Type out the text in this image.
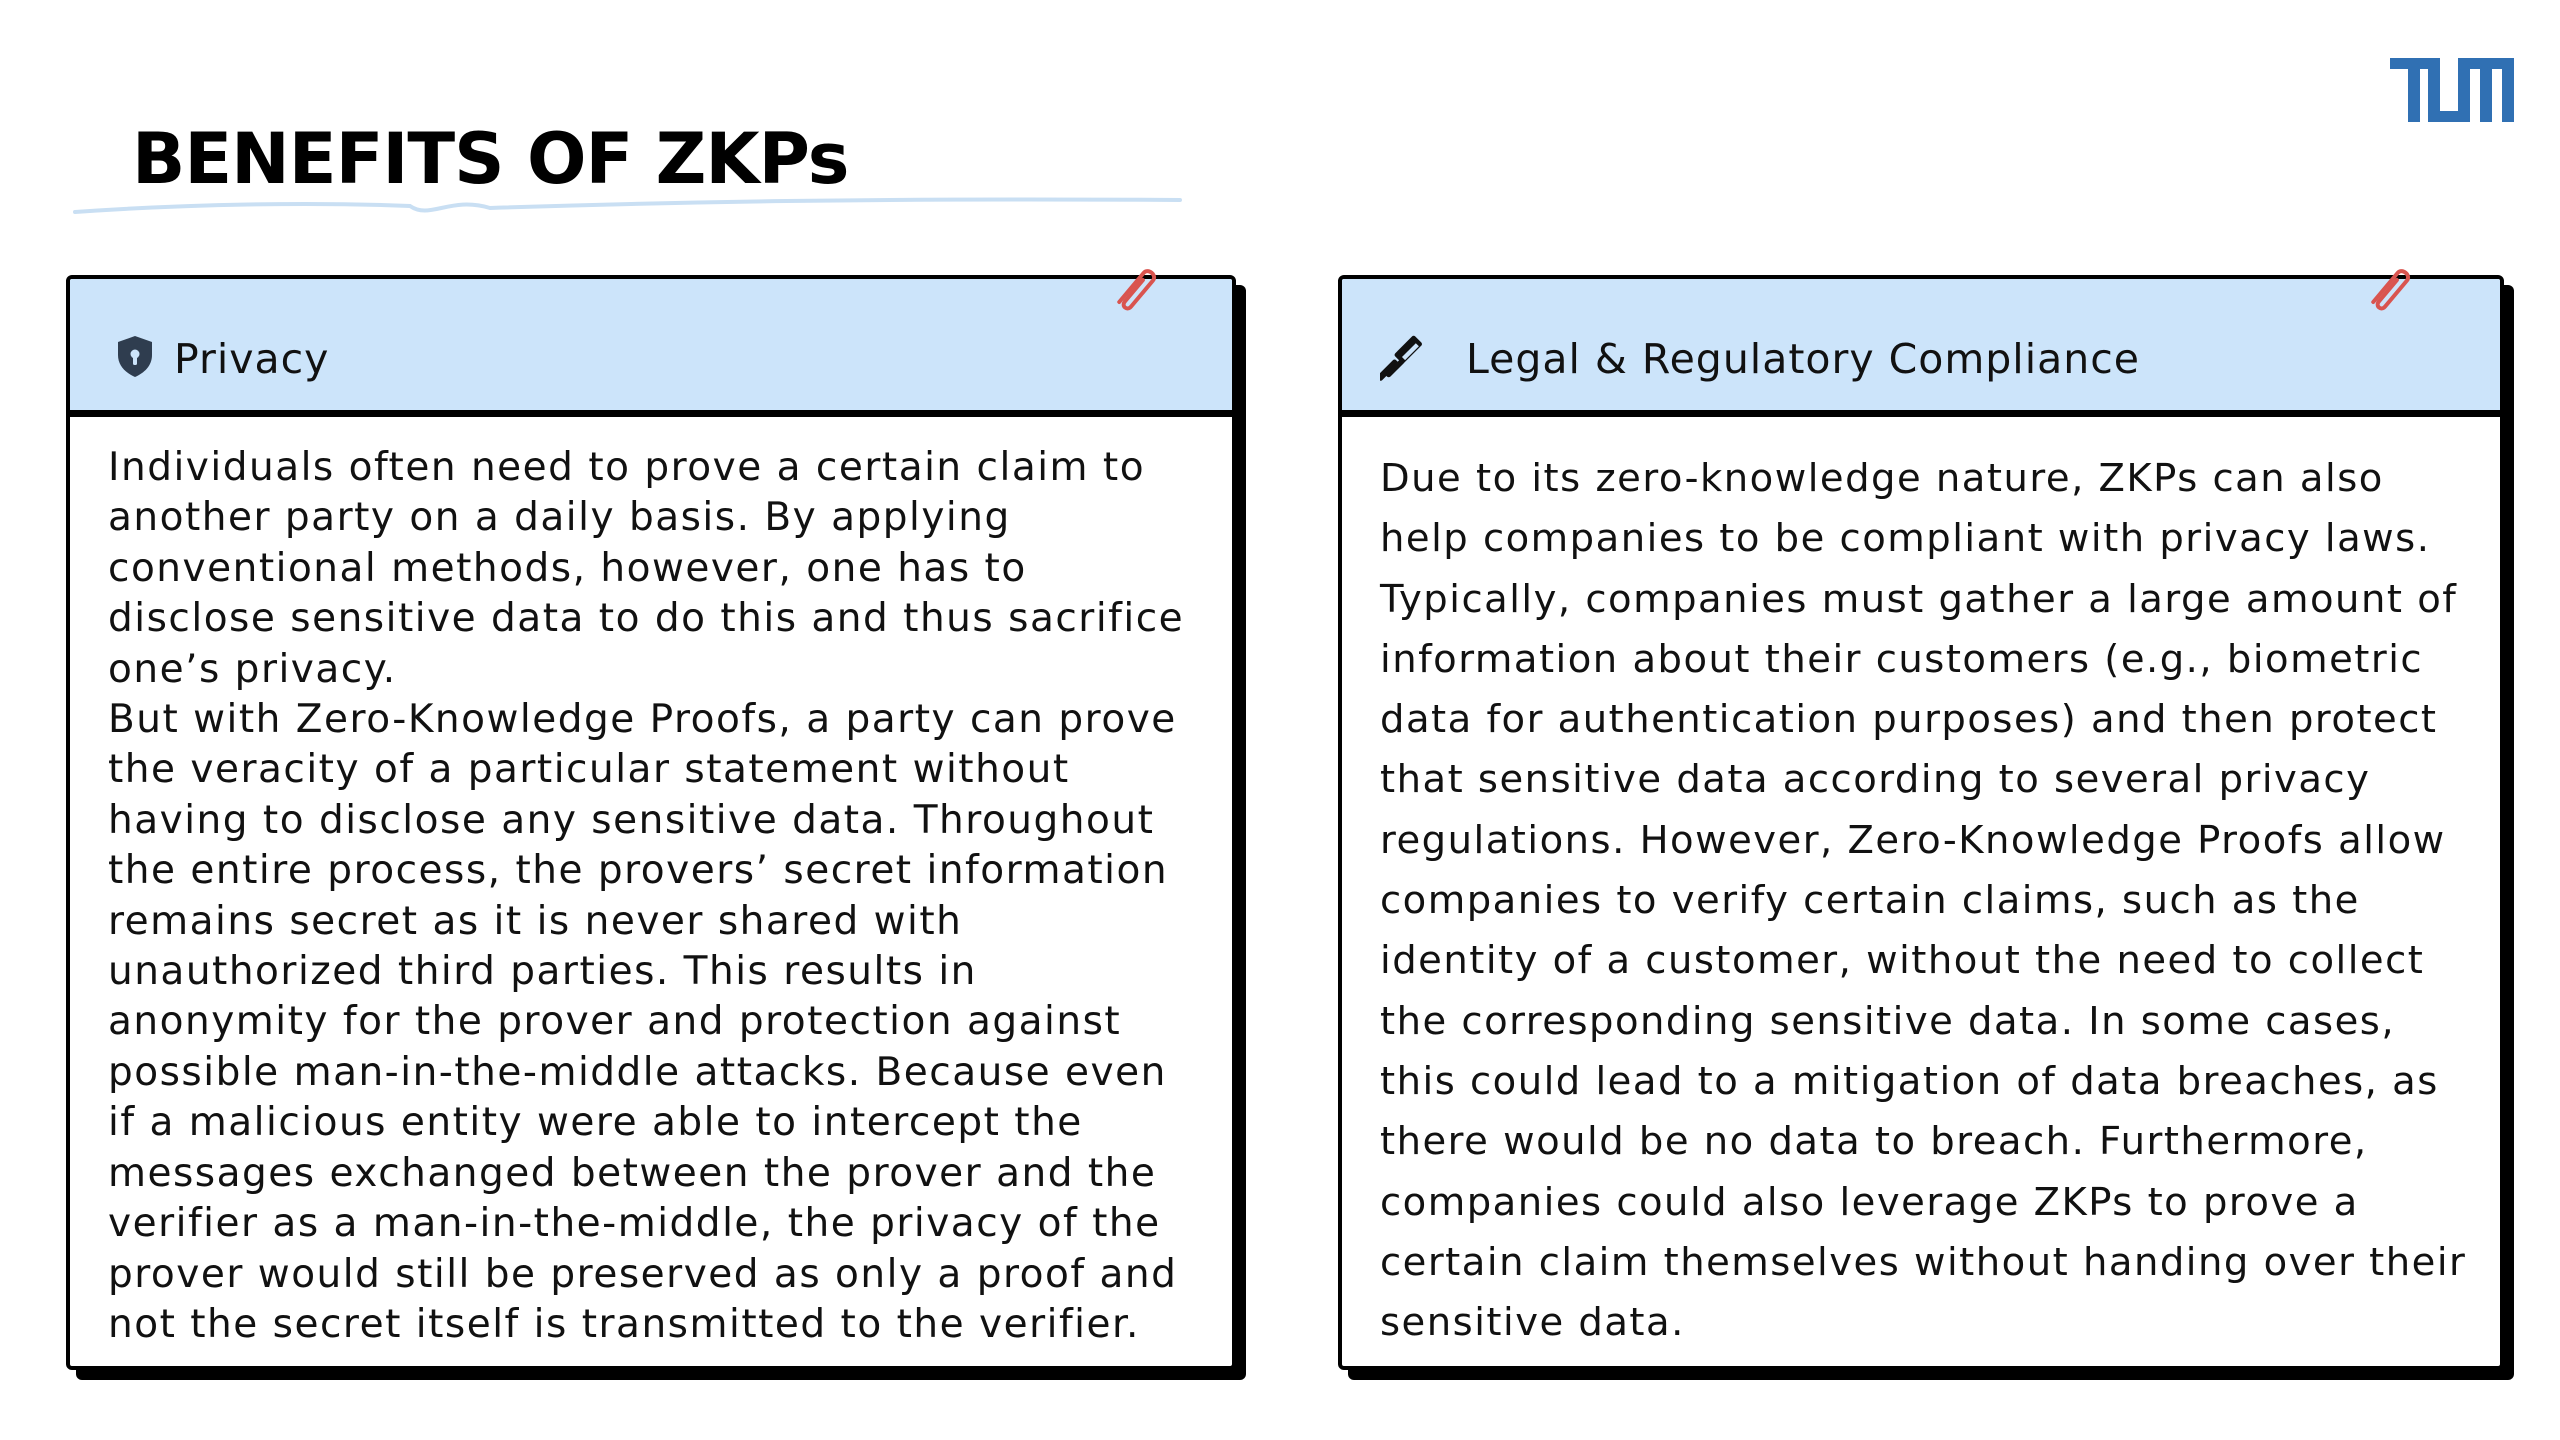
BENEFITS OF ZKPs
Privacy

Individuals often need to prove a certain claim to
another party on a daily basis. By applying
conventional methods, however, one has to
disclose sensitive data to do this and thus sacrifice
one’s privacy.
But with Zero-Knowledge Proofs, a party can prove
the veracity of a particular statement without
having to disclose any sensitive data. Throughout
the entire process, the provers’ secret information
remains secret as it is never shared with
unauthorized third parties. This results in
anonymity for the prover and protection against
possible man-in-the-middle attacks. Because even
if a malicious entity were able to intercept the
messages exchanged between the prover and the
verifier as a man-in-the-middle, the privacy of the
prover would still be preserved as only a proof and
not the secret itself is transmitted to the verifier.

Legal & Regulatory Compliance

Due to its zero-knowledge nature, ZKPs can also
help companies to be compliant with privacy laws.
Typically, companies must gather a large amount of
information about their customers (e.g., biometric
data for authentication purposes) and then protect
that sensitive data according to several privacy
regulations. However, Zero-Knowledge Proofs allow
companies to verify certain claims, such as the
identity of a customer, without the need to collect
the corresponding sensitive data. In some cases,
this could lead to a mitigation of data breaches, as
there would be no data to breach. Furthermore,
companies could also leverage ZKPs to prove a
certain claim themselves without handing over their
sensitive data.
